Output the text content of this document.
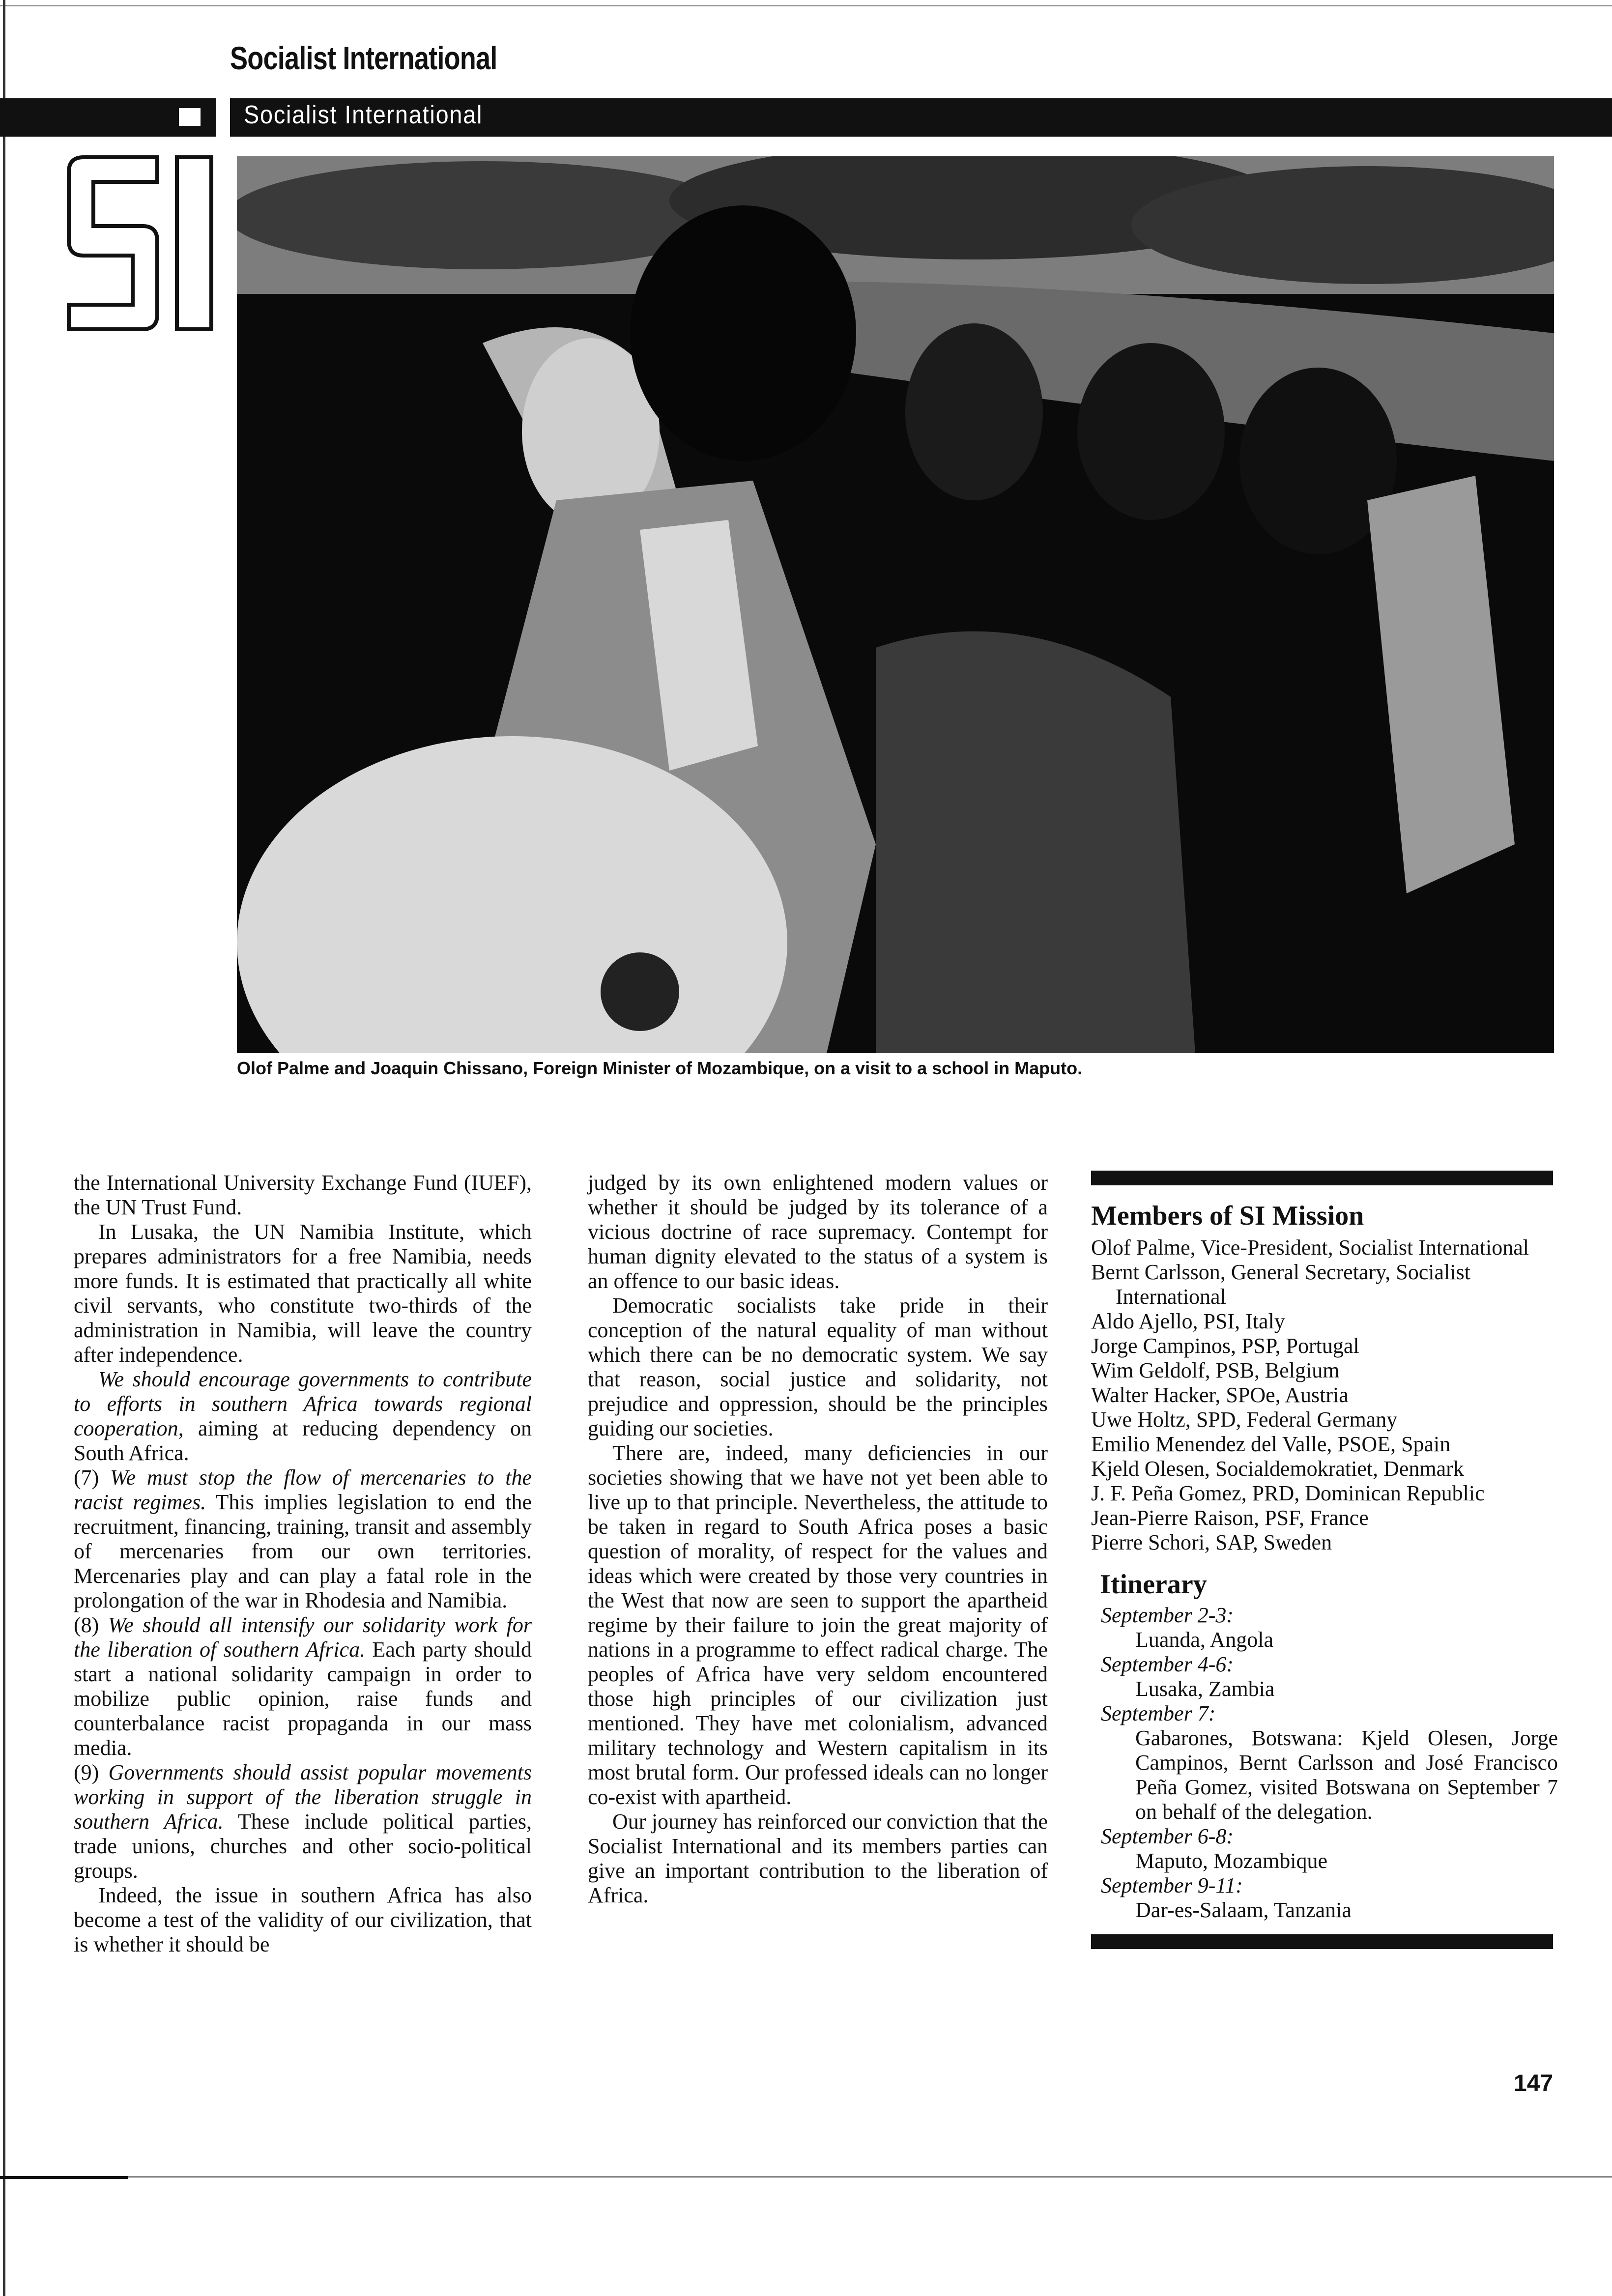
Socialist International
Socialist International
Olof Palme and Joaquin Chissano, Foreign Minister of Mozambique, on a visit to a school in Maputo.

the International University Exchange Fund (IUEF), the UN Trust Fund.

In Lusaka, the UN Namibia Institute, which prepares administrators for a free Namibia, needs more funds. It is estimated that practically all white civil servants, who constitute two-thirds of the administration in Namibia, will leave the country after independence.

We should encourage governments to contribute to efforts in southern Africa towards regional cooperation, aiming at reducing dependency on South Africa.

(7) We must stop the flow of mercenaries to the racist regimes. This implies legislation to end the recruitment, financing, training, transit and assembly of mercenaries from our own territories. Mercenaries play and can play a fatal role in the prolongation of the war in Rhodesia and Namibia.

(8) We should all intensify our solidarity work for the liberation of southern Africa. Each party should start a national solidarity campaign in order to mobilize public opinion, raise funds and counterbalance racist propaganda in our mass media.

(9) Governments should assist popular movements working in support of the liberation struggle in southern Africa. These include political parties, trade unions, churches and other socio-political groups.

Indeed, the issue in southern Africa has also become a test of the validity of our civilization, that is whether it should be

judged by its own enlightened modern values or whether it should be judged by its tolerance of a vicious doctrine of race supremacy. Contempt for human dignity elevated to the status of a system is an offence to our basic ideas.

Democratic socialists take pride in their conception of the natural equality of man without which there can be no democratic system. We say that reason, social justice and solidarity, not prejudice and oppression, should be the principles guiding our societies.

There are, indeed, many deficiencies in our societies showing that we have not yet been able to live up to that principle. Nevertheless, the attitude to be taken in regard to South Africa poses a basic question of morality, of respect for the values and ideas which were created by those very countries in the West that now are seen to support the apartheid regime by their failure to join the great majority of nations in a programme to effect radical charge. The peoples of Africa have very seldom encountered those high principles of our civilization just mentioned. They have met colonialism, advanced military technology and Western capitalism in its most brutal form. Our professed ideals can no longer co-exist with apartheid.

Our journey has reinforced our conviction that the Socialist International and its members parties can give an important contribution to the liberation of Africa.

Members of SI Mission
Olof Palme, Vice-President, Socialist International
Bernt Carlsson, General Secretary, Socialist International
Aldo Ajello, PSI, Italy
Jorge Campinos, PSP, Portugal
Wim Geldolf, PSB, Belgium
Walter Hacker, SPOe, Austria
Uwe Holtz, SPD, Federal Germany
Emilio Menendez del Valle, PSOE, Spain
Kjeld Olesen, Socialdemokratiet, Denmark
J. F. Peña Gomez, PRD, Dominican Republic
Jean-Pierre Raison, PSF, France
Pierre Schori, SAP, Sweden
Itinerary
September 2-3:
Luanda, Angola
September 4-6:
Lusaka, Zambia
September 7:
Gabarones, Botswana: Kjeld Olesen, Jorge Campinos, Bernt Carlsson and José Francisco Peña Gomez, visited Botswana on September 7 on behalf of the delegation.
September 6-8:
Maputo, Mozambique
September 9-11:
Dar-es-Salaam, Tanzania
147
